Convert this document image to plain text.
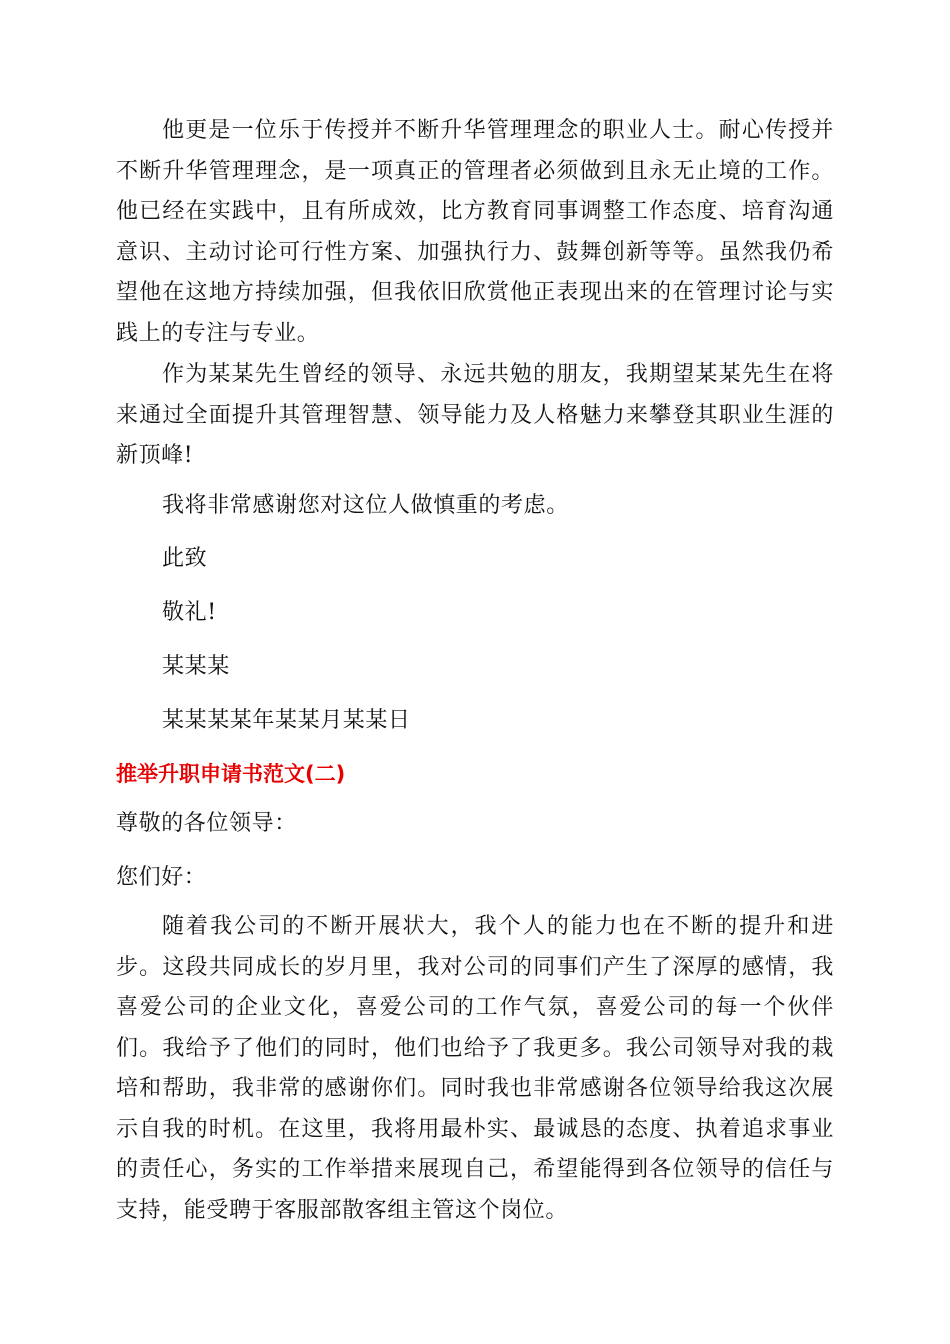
他更是一位乐于传授并不断升华管理理念的职业人士。耐心传授并不断升华管理理念，是一项真正的管理者必须做到且永无止境的工作。他已经在实践中，且有所成效，比方教育同事调整工作态度、培育沟通意识、主动讨论可行性方案、加强执行力、鼓舞创新等等。虽然我仍希望他在这地方持续加强，但我依旧欣赏他正表现出来的在管理讨论与实践上的专注与专业。

作为某某先生曾经的领导、永远共勉的朋友，我期望某某先生在将来通过全面提升其管理智慧、领导能力及人格魅力来攀登其职业生涯的新顶峰!

我将非常感谢您对这位人做慎重的考虑。

此致

敬礼!

某某某

某某某某年某某月某某日

推举升职申请书范文(二)

尊敬的各位领导：

您们好：

随着我公司的不断开展状大，我个人的能力也在不断的提升和进步。这段共同成长的岁月里，我对公司的同事们产生了深厚的感情，我喜爱公司的企业文化，喜爱公司的工作气氛，喜爱公司的每一个伙伴们。我给予了他们的同时，他们也给予了我更多。我公司领导对我的栽培和帮助，我非常的感谢你们。同时我也非常感谢各位领导给我这次展示自我的时机。在这里，我将用最朴实、最诚恳的态度、执着追求事业的责任心，务实的工作举措来展现自己，希望能得到各位领导的信任与支持，能受聘于客服部散客组主管这个岗位。
